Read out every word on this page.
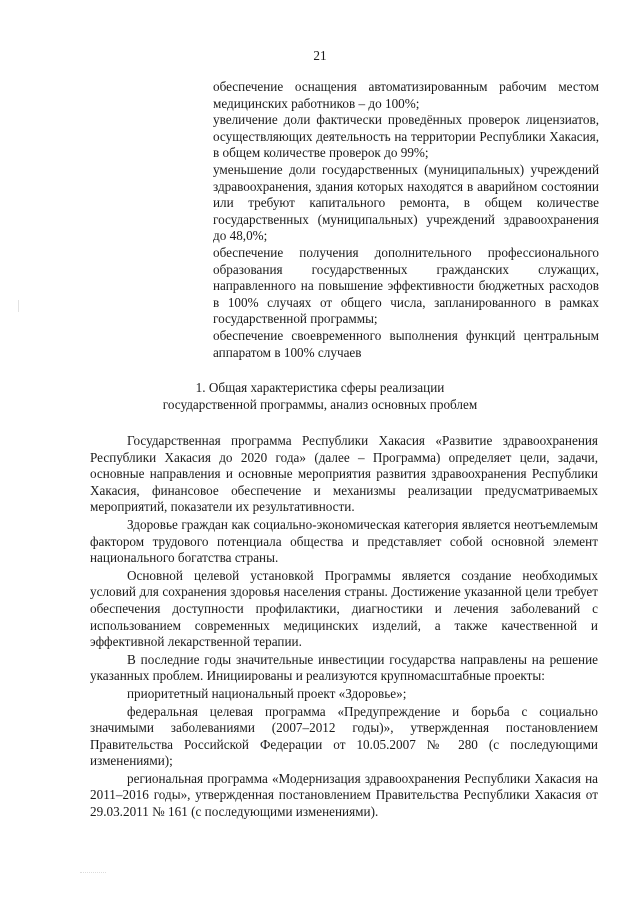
21
обеспечение оснащения автоматизированным рабочим местом медицинских работников – до 100%;
увеличение доли фактически проведённых проверок лицензиатов, осуществляющих деятельность на территории Республики Хакасия, в общем количестве проверок до 99%;
уменьшение доли государственных (муниципальных) учреждений здравоохранения, здания которых находятся в аварийном состоянии или требуют капитального ремонта, в общем количестве государственных (муниципальных) учреждений здравоохранения до 48,0%;
обеспечение получения дополнительного профессионального образования государственных гражданских служащих, направленного на повышение эффективности бюджетных расходов в 100% случаях от общего числа, запланированного в рамках государственной программы;
обеспечение своевременного выполнения функций центральным аппаратом в 100% случаев
1. Общая характеристика сферы реализации
государственной программы, анализ основных проблем

Государственная программа Республики Хакасия «Развитие здравоохранения Республики Хакасия до 2020 года» (далее – Программа) определяет цели, задачи, основные направления и основные мероприятия развития здравоохранения Республики Хакасия, финансовое обеспечение и механизмы реализации предусматриваемых мероприятий, показатели их результативности.

Здоровье граждан как социально-экономическая категория является неотъемлемым фактором трудового потенциала общества и представляет собой основной элемент национального богатства страны.

Основной целевой установкой Программы является создание необходимых условий для сохранения здоровья населения страны. Достижение указанной цели требует обеспечения доступности профилактики, диагностики и лечения заболеваний с использованием современных медицинских изделий, а также качественной и эффективной лекарственной терапии.

В последние годы значительные инвестиции государства направлены на решение указанных проблем. Инициированы и реализуются крупномасштабные проекты:

приоритетный национальный проект «Здоровье»;

федеральная целевая программа «Предупреждение и борьба с социально значимыми заболеваниями (2007–2012 годы)», утвержденная постановлением Правительства Российской Федерации от 10.05.2007 № 280 (с последующими изменениями);

региональная программа «Модернизация здравоохранения Республики Хакасия на 2011–2016 годы», утвержденная постановлением Правительства Республики Хакасия от 29.03.2011 № 161 (с последующими изменениями).
